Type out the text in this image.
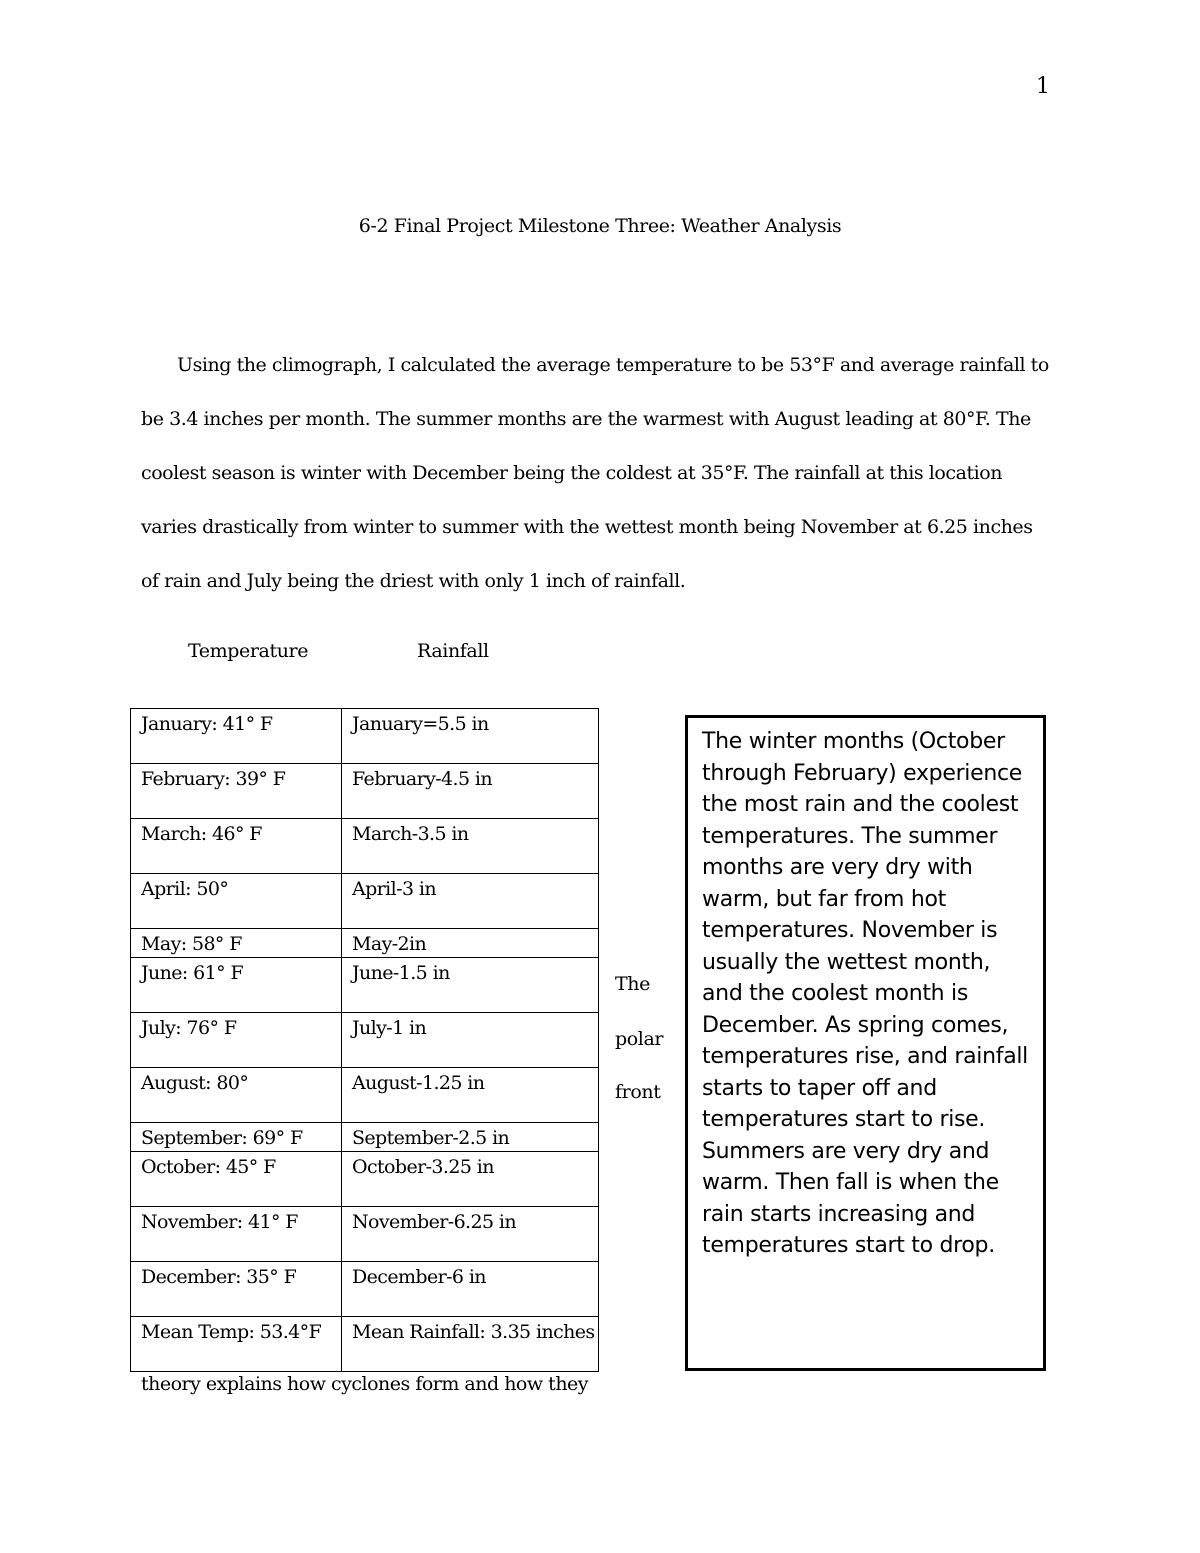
1
6-2 Final Project Milestone Three: Weather Analysis
Using the climograph, I calculated the average temperature to be 53°F and average rainfall to
be 3.4 inches per month. The summer months are the warmest with August leading at 80°F. The
coolest season is winter with December being the coldest at 35°F. The rainfall at this location
varies drastically from winter to summer with the wettest month being November at 6.25 inches
of rain and July being the driest with only 1 inch of rainfall.
Temperature	Rainfall
January: 41° F	January=5.5 in
February: 39° F	February-4.5 in
March: 46° F	March-3.5 in
April: 50°	April-3 in
May: 58° F	May-2in
June: 61° F	June-1.5 in
July: 76° F	July-1 in
August: 80°	August-1.25 in
September: 69° F	September-2.5 in
October: 45° F	October-3.25 in
November: 41° F	November-6.25 in
December: 35° F	December-6 in
Mean Temp: 53.4°F	Mean Rainfall: 3.35 inches
The
polar
front
theory explains how cyclones form and how they
The winter months (October through February) experience the most rain and the coolest temperatures. The summer months are very dry with warm, but far from hot temperatures. November is usually the wettest month, and the coolest month is December. As spring comes, temperatures rise, and rainfall starts to taper off and temperatures start to rise. Summers are very dry and warm. Then fall is when the rain starts increasing and temperatures start to drop.
